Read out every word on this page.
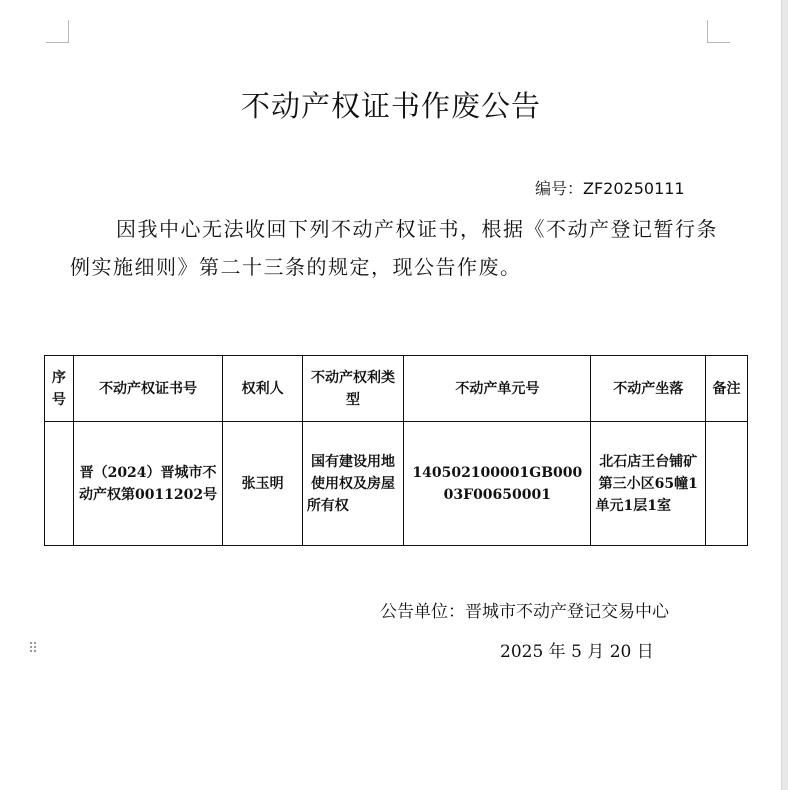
不动产权证书作废公告
编号：ZF20250111
因我中心无法收回下列不动产权证书，根据《不动产登记暂行条例实施细则》第二十三条的规定，现公告作废。
序号	不动产权证书号	权利人	不动产权利类型	不动产单元号	不动产坐落	备注
	晋（2024）晋城市不动产权第0011202号	张玉明	国有建设用地使用权及房屋所有权	140502100001GB00003F00650001	北石店王台铺矿第三小区65幢1单元1层1室	
公告单位：晋城市不动产登记交易中心
2025 年 5 月 20 日
⠿
